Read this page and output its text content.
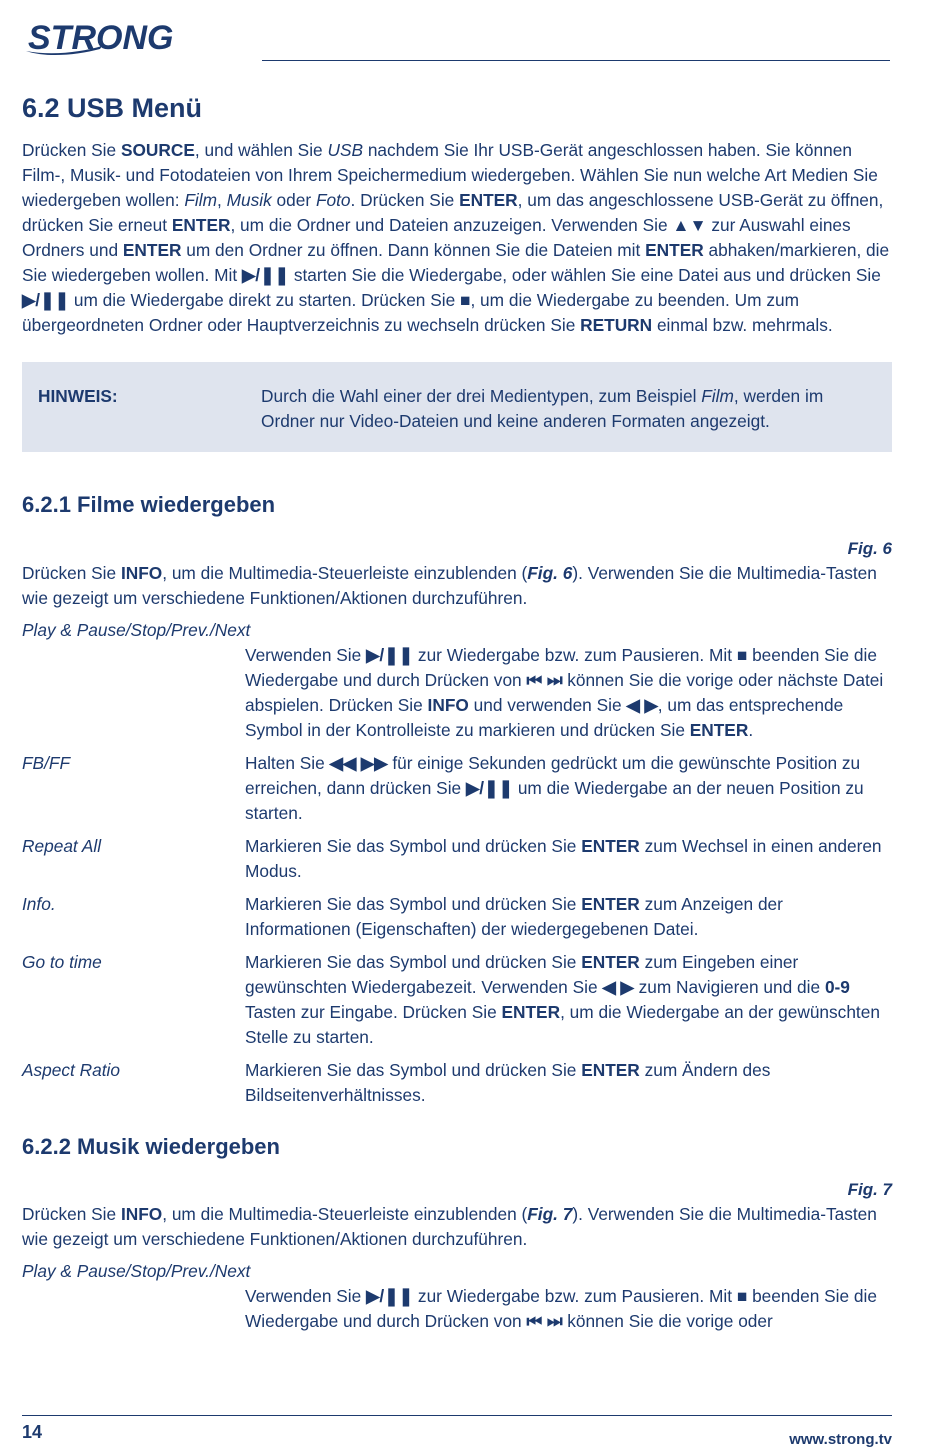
STRONG
6.2 USB Menü

Drücken Sie SOURCE, und wählen Sie USB nachdem Sie Ihr USB-Gerät angeschlossen haben. Sie können Film-, Musik- und Fotodateien von Ihrem Speichermedium wiedergeben. Wählen Sie nun welche Art Medien Sie wiedergeben wollen: Film, Musik oder Foto. Drücken Sie ENTER, um das angeschlossene USB-Gerät zu öffnen, drücken Sie erneut ENTER, um die Ordner und Dateien anzuzeigen. Verwenden Sie ▲▼ zur Auswahl eines Ordners und ENTER um den Ordner zu öffnen. Dann können Sie die Dateien mit ENTER abhaken/markieren, die Sie wiedergeben wollen. Mit ▶/❚❚ starten Sie die Wiedergabe, oder wählen Sie eine Datei aus und drücken Sie ▶/❚❚ um die Wiedergabe direkt zu starten. Drücken Sie ■, um die Wiedergabe zu beenden. Um zum übergeordneten Ordner oder Hauptverzeichnis zu wechseln drücken Sie RETURN einmal bzw. mehrmals.

HINWEIS:	Durch die Wahl einer der drei Medientypen, zum Beispiel Film, werden im Ordner nur Video-Dateien und keine anderen Formaten angezeigt.
6.2.1 Filme wiedergeben
Fig. 6

Drücken Sie INFO, um die Multimedia-Steuerleiste einzublenden (Fig. 6). Verwenden Sie die Multimedia-Tasten wie gezeigt um verschiedene Funktionen/Aktionen durchzuführen.

Play & Pause/Stop/Prev./Next
Verwenden Sie ▶/❚❚ zur Wiedergabe bzw. zum Pausieren. Mit ■ beenden Sie die Wiedergabe und durch Drücken von ⏮ ⏭ können Sie die vorige oder nächste Datei abspielen. Drücken Sie INFO und verwenden Sie ◀ ▶, um das entsprechende Symbol in der Kontrolleiste zu markieren und drücken Sie ENTER.
FB/FF	Halten Sie ◀◀ ▶▶ für einige Sekunden gedrückt um die gewünschte Position zu erreichen, dann drücken Sie ▶/❚❚ um die Wiedergabe an der neuen Position zu starten.
Repeat All	Markieren Sie das Symbol und drücken Sie ENTER zum Wechsel in einen anderen Modus.
Info.	Markieren Sie das Symbol und drücken Sie ENTER zum Anzeigen der Informationen (Eigenschaften) der wiedergegebenen Datei.
Go to time	Markieren Sie das Symbol und drücken Sie ENTER zum Eingeben einer gewünschten Wiedergabezeit. Verwenden Sie ◀ ▶ zum Navigieren und die 0-9 Tasten zur Eingabe. Drücken Sie ENTER, um die Wiedergabe an der gewünschten Stelle zu starten.
Aspect Ratio	Markieren Sie das Symbol und drücken Sie ENTER zum Ändern des Bildseitenverhältnisses.
6.2.2 Musik wiedergeben
Fig. 7

Drücken Sie INFO, um die Multimedia-Steuerleiste einzublenden (Fig. 7). Verwenden Sie die Multimedia-Tasten wie gezeigt um verschiedene Funktionen/Aktionen durchzuführen.

Play & Pause/Stop/Prev./Next
Verwenden Sie ▶/❚❚ zur Wiedergabe bzw. zum Pausieren. Mit ■ beenden Sie die Wiedergabe und durch Drücken von ⏮ ⏭ können Sie die vorige oder
14	www.strong.tv
